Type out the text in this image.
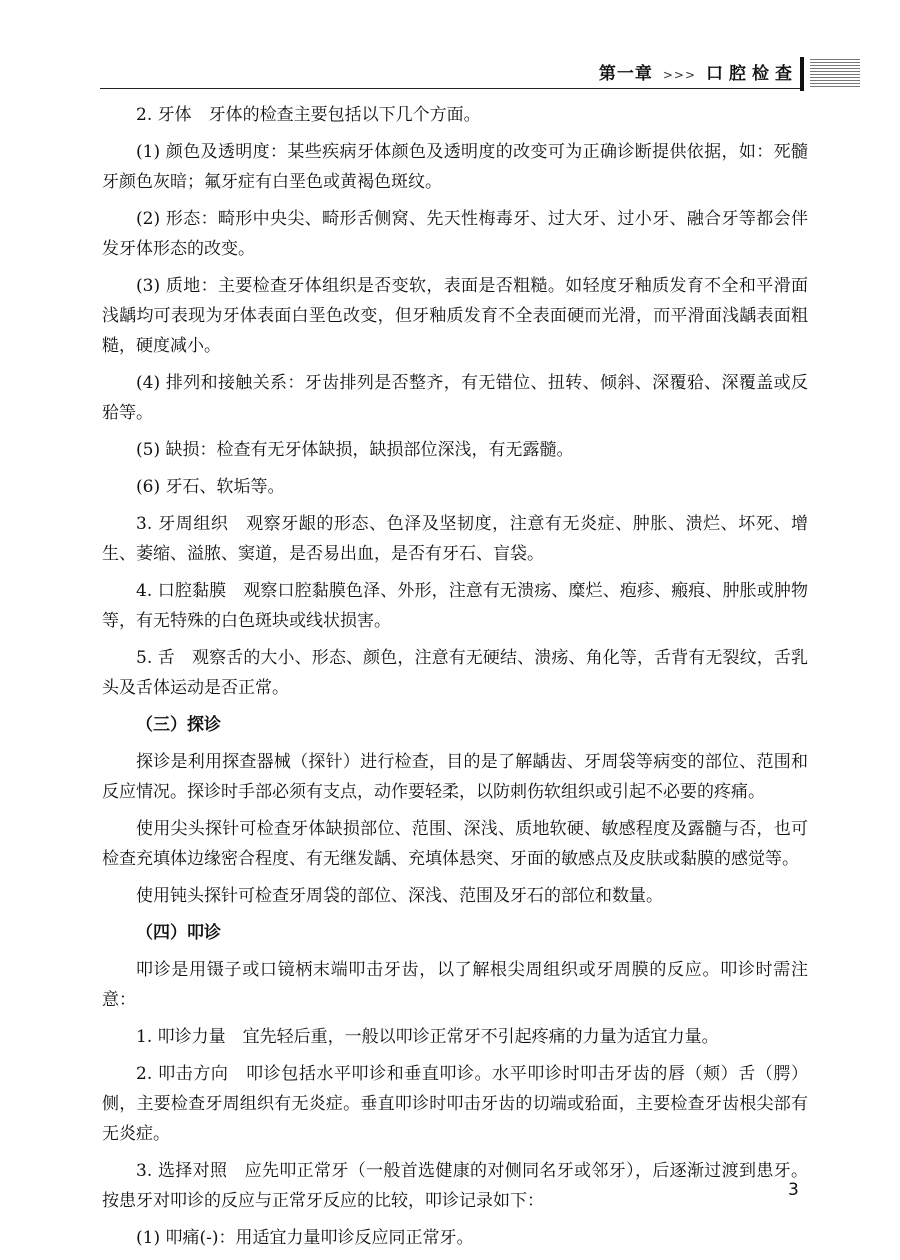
第一章 >>> 口腔检查

2. 牙体　牙体的检查主要包括以下几个方面。

(1) 颜色及透明度：某些疾病牙体颜色及透明度的改变可为正确诊断提供依据，如：死髓牙颜色灰暗；氟牙症有白垩色或黄褐色斑纹。

(2) 形态：畸形中央尖、畸形舌侧窝、先天性梅毒牙、过大牙、过小牙、融合牙等都会伴发牙体形态的改变。

(3) 质地：主要检查牙体组织是否变软，表面是否粗糙。如轻度牙釉质发育不全和平滑面浅龋均可表现为牙体表面白垩色改变，但牙釉质发育不全表面硬而光滑，而平滑面浅龋表面粗糙，硬度减小。

(4) 排列和接触关系：牙齿排列是否整齐，有无错位、扭转、倾斜、深覆𬌗、深覆盖或反𬌗等。

(5) 缺损：检查有无牙体缺损，缺损部位深浅，有无露髓。

(6) 牙石、软垢等。

3. 牙周组织　观察牙龈的形态、色泽及坚韧度，注意有无炎症、肿胀、溃烂、坏死、增生、萎缩、溢脓、窦道，是否易出血，是否有牙石、盲袋。

4. 口腔黏膜　观察口腔黏膜色泽、外形，注意有无溃疡、糜烂、疱疹、瘢痕、肿胀或肿物等，有无特殊的白色斑块或线状损害。

5. 舌　观察舌的大小、形态、颜色，注意有无硬结、溃疡、角化等，舌背有无裂纹，舌乳头及舌体运动是否正常。

（三）探诊

探诊是利用探查器械（探针）进行检查，目的是了解龋齿、牙周袋等病变的部位、范围和反应情况。探诊时手部必须有支点，动作要轻柔，以防刺伤软组织或引起不必要的疼痛。

使用尖头探针可检查牙体缺损部位、范围、深浅、质地软硬、敏感程度及露髓与否，也可检查充填体边缘密合程度、有无继发龋、充填体悬突、牙面的敏感点及皮肤或黏膜的感觉等。

使用钝头探针可检查牙周袋的部位、深浅、范围及牙石的部位和数量。

（四）叩诊

叩诊是用镊子或口镜柄末端叩击牙齿，以了解根尖周组织或牙周膜的反应。叩诊时需注意：

1. 叩诊力量　宜先轻后重，一般以叩诊正常牙不引起疼痛的力量为适宜力量。

2. 叩击方向　叩诊包括水平叩诊和垂直叩诊。水平叩诊时叩击牙齿的唇（颊）舌（腭）侧，主要检查牙周组织有无炎症。垂直叩诊时叩击牙齿的切端或𬌗面，主要检查牙齿根尖部有无炎症。

3. 选择对照　应先叩正常牙（一般首选健康的对侧同名牙或邻牙），后逐渐过渡到患牙。按患牙对叩诊的反应与正常牙反应的比较，叩诊记录如下：

(1) 叩痛(-)：用适宜力量叩诊反应同正常牙。

3
